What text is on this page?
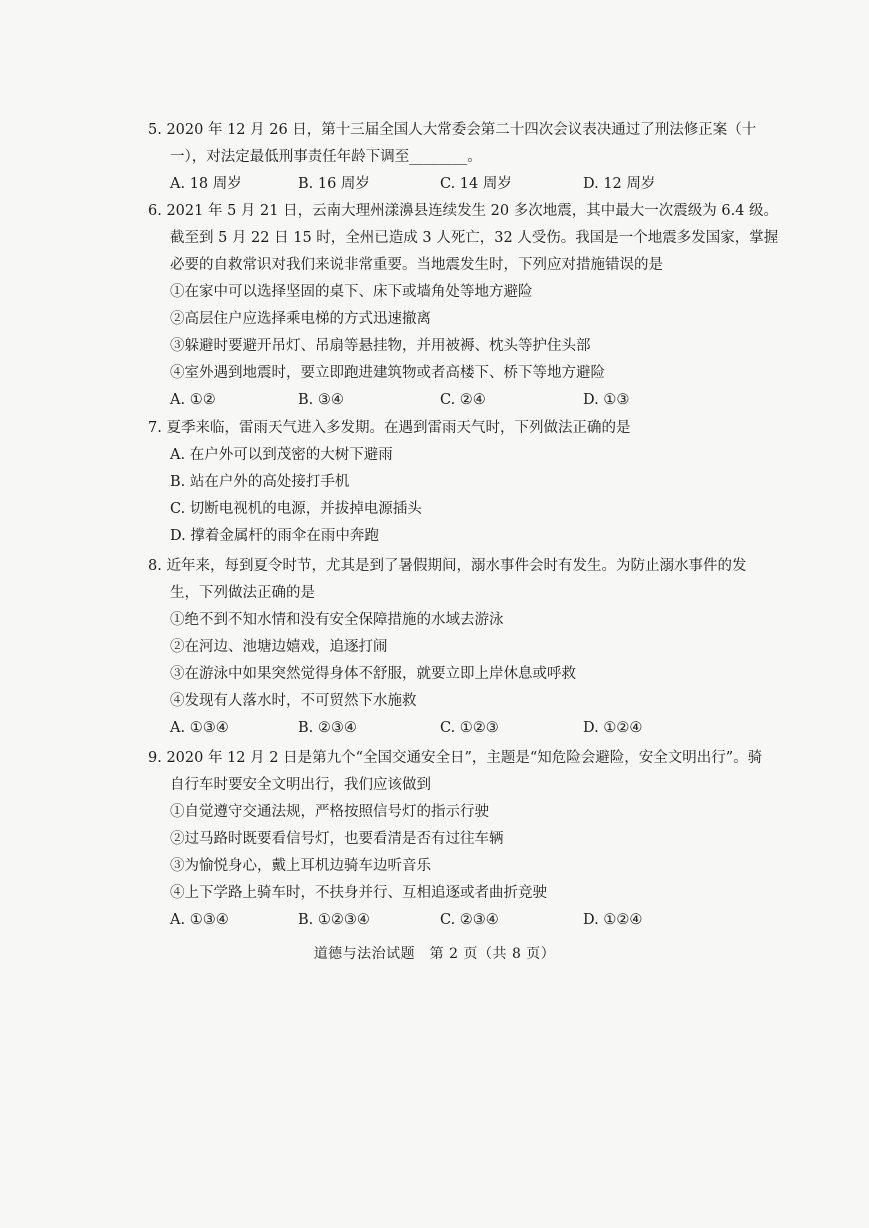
5. 2020 年 12 月 26 日，第十三届全国人大常委会第二十四次会议表决通过了刑法修正案（十
一），对法定最低刑事责任年龄下调至________。
A. 18 周岁	B. 16 周岁	C. 14 周岁	D. 12 周岁
6. 2021 年 5 月 21 日，云南大理州漾濞县连续发生 20 多次地震，其中最大一次震级为 6.4 级。
截至到 5 月 22 日 15 时，全州已造成 3 人死亡，32 人受伤。我国是一个地震多发国家，掌握
必要的自救常识对我们来说非常重要。当地震发生时，下列应对措施错误的是
①在家中可以选择坚固的桌下、床下或墙角处等地方避险
②高层住户应选择乘电梯的方式迅速撤离
③躲避时要避开吊灯、吊扇等悬挂物，并用被褥、枕头等护住头部
④室外遇到地震时，要立即跑进建筑物或者高楼下、桥下等地方避险
A. ①②	B. ③④	C. ②④	D. ①③
7. 夏季来临，雷雨天气进入多发期。在遇到雷雨天气时，下列做法正确的是
A. 在户外可以到茂密的大树下避雨
B. 站在户外的高处接打手机
C. 切断电视机的电源，并拔掉电源插头
D. 撑着金属杆的雨伞在雨中奔跑
8. 近年来，每到夏令时节，尤其是到了暑假期间，溺水事件会时有发生。为防止溺水事件的发
生，下列做法正确的是
①绝不到不知水情和没有安全保障措施的水域去游泳
②在河边、池塘边嬉戏，追逐打闹
③在游泳中如果突然觉得身体不舒服，就要立即上岸休息或呼救
④发现有人落水时，不可贸然下水施救
A. ①③④	B. ②③④	C. ①②③	D. ①②④
9. 2020 年 12 月 2 日是第九个“全国交通安全日”，主题是“知危险会避险，安全文明出行”。骑
自行车时要安全文明出行，我们应该做到
①自觉遵守交通法规，严格按照信号灯的指示行驶
②过马路时既要看信号灯，也要看清是否有过往车辆
③为愉悦身心，戴上耳机边骑车边听音乐
④上下学路上骑车时，不扶身并行、互相追逐或者曲折竞驶
A. ①③④	B. ①②③④	C. ②③④	D. ①②④
道德与法治试题　第 2 页（共 8 页）
